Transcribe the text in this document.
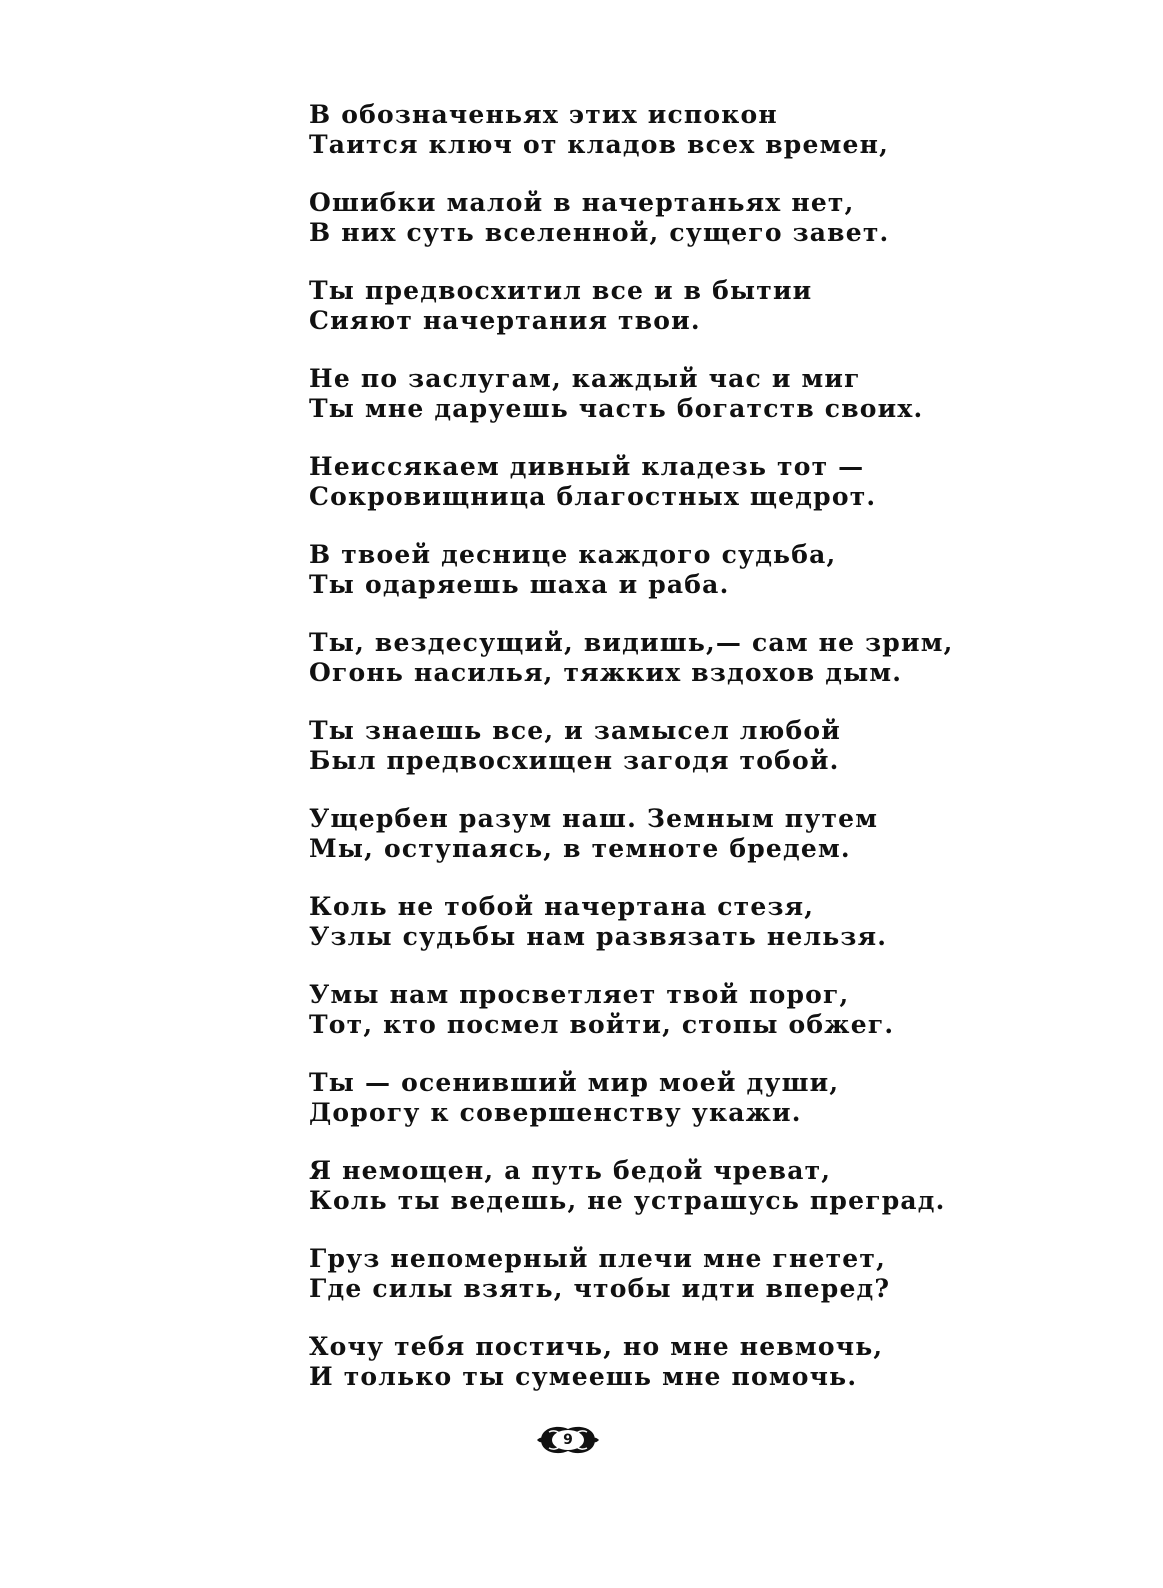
В обозначеньях этих испокон
Таится ключ от кладов всех времен,

Ошибки малой в начертаньях нет,
В них суть вселенной, сущего завет.

Ты предвосхитил все и в бытии
Сияют начертания твои.

Не по заслугам, каждый час и миг
Ты мне даруешь часть богатств своих.

Неиссякаем дивный кладезь тот —
Сокровищница благостных щедрот.

В твоей деснице каждого судьба,
Ты одаряешь шаха и раба.

Ты, вездесущий, видишь,— сам не зрим,
Огонь насилья, тяжких вздохов дым.

Ты знаешь все, и замысел любой
Был предвосхищен загодя тобой.

Ущербен разум наш. Земным путем
Мы, оступаясь, в темноте бредем.

Коль не тобой начертана стезя,
Узлы судьбы нам развязать нельзя.

Умы нам просветляет твой порог,
Тот, кто посмел войти, стопы обжег.

Ты — осенивший мир моей души,
Дорогу к совершенству укажи.

Я немощен, а путь бедой чреват,
Коль ты ведешь, не устрашусь преград.

Груз непомерный плечи мне гнетет,
Где силы взять, чтобы идти вперед?

Хочу тебя постичь, но мне невмочь,
И только ты сумеешь мне помочь.

9
